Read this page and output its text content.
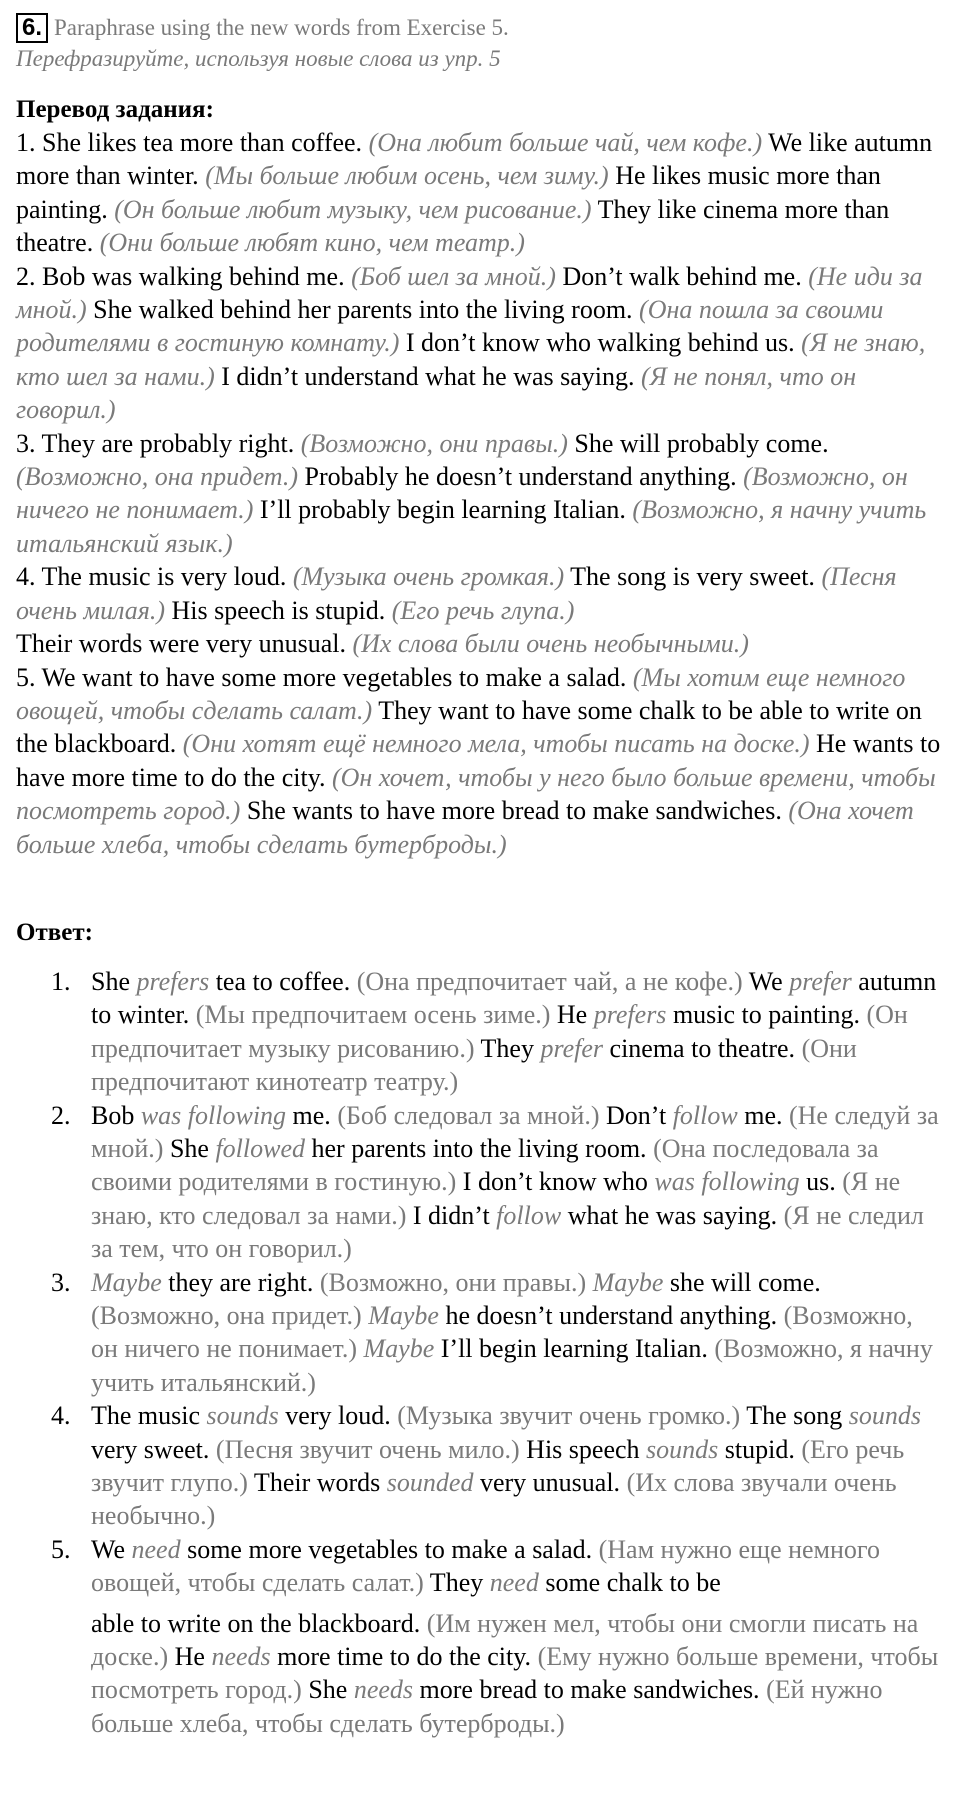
6. Paraphrase using the new words from Exercise 5.
Перефразируйте, используя новые слова из упр. 5
Перевод задания:

1. She likes tea more than coffee. (Она любит больше чай, чем кофе.) We like autumn more than winter. (Мы больше любим осень, чем зиму.) He likes music more than painting. (Он больше любит музыку, чем рисование.) They like cinema more than theatre. (Они больше любят кино, чем театр.)

2. Bob was walking behind me. (Боб шел за мной.) Don’t walk behind me. (Не иди за мной.) She walked behind her parents into the living room. (Она пошла за своими родителями в гостиную комнату.) I don’t know who walking behind us. (Я не знаю, кто шел за нами.) I didn’t understand what he was saying. (Я не понял, что он говорил.)

3. They are probably right. (Возможно, они правы.) She will probably come. (Возможно, она придет.) Probably he doesn’t understand anything. (Возможно, он ничего не понимает.) I’ll probably begin learning Italian. (Возможно, я начну учить итальянский язык.)

4. The music is very loud. (Музыка очень громкая.) The song is very sweet. (Песня очень милая.) His speech is stupid. (Его речь глупа.)
Their words were very unusual. (Их слова были очень необычными.)

5. We want to have some more vegetables to make a salad. (Мы хотим еще немного овощей, чтобы сделать салат.) They want to have some chalk to be able to write on the blackboard. (Они хотят ещё немного мела, чтобы писать на доске.) He wants to have more time to do the city. (Он хочет, чтобы у него было больше времени, чтобы посмотреть город.) She wants to have more bread to make sandwiches. (Она хочет больше хлеба, чтобы сделать бутерброды.)

Ответ:
1. She prefers tea to coffee. (Она предпочитает чай, а не кофе.) We prefer autumn to winter. (Мы предпочитаем осень зиме.) He prefers music to painting. (Он предпочитает музыку рисованию.) They prefer cinema to theatre. (Они предпочитают кинотеатр театру.)
2. Bob was following me. (Боб следовал за мной.) Don’t follow me. (Не следуй за мной.) She followed her parents into the living room. (Она последовала за своими родителями в гостиную.) I don’t know who was following us. (Я не знаю, кто следовал за нами.) I didn’t follow what he was saying. (Я не следил за тем, что он говорил.)
3. Maybe they are right. (Возможно, они правы.) Maybe she will come. (Возможно, она придет.) Maybe he doesn’t understand anything. (Возможно, он ничего не понимает.) Maybe I’ll begin learning Italian. (Возможно, я начну учить итальянский.)
4. The music sounds very loud. (Музыка звучит очень громко.) The song sounds very sweet. (Песня звучит очень мило.) His speech sounds stupid. (Его речь звучит глупо.) Their words sounded very unusual. (Их слова звучали очень необычно.)
5. We need some more vegetables to make a salad. (Нам нужно еще немного овощей, чтобы сделать салат.) They need some chalk to be
able to write on the blackboard. (Им нужен мел, чтобы они смогли писать на доске.) He needs more time to do the city. (Ему нужно больше времени, чтобы посмотреть город.) She needs more bread to make sandwiches. (Ей нужно больше хлеба, чтобы сделать бутерброды.)
